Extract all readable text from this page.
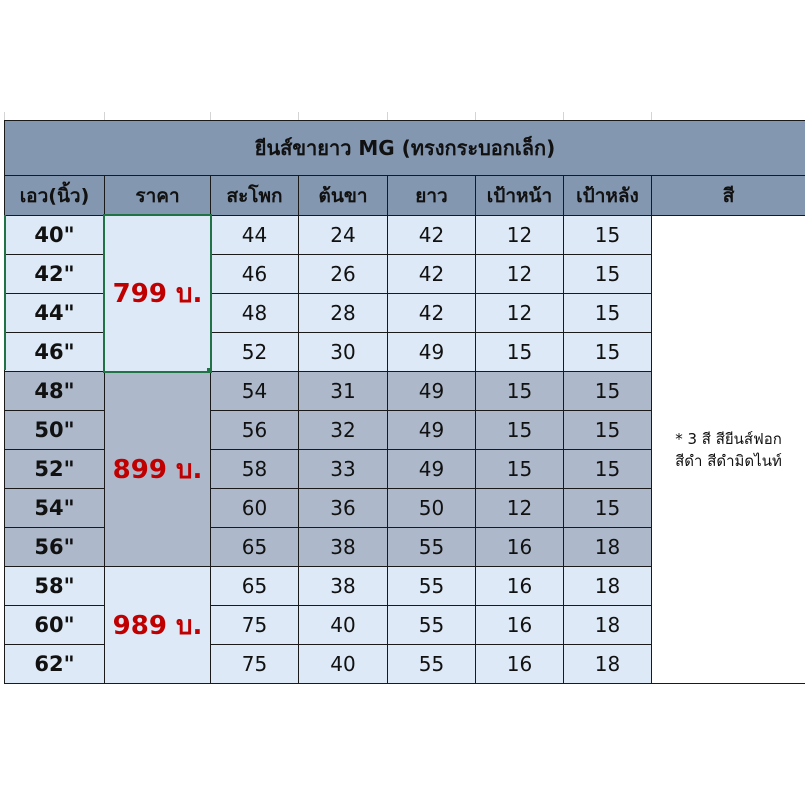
ยีนส์ขายาว MG (ทรงกระบอกเล็ก)							
เอว(นิ้ว)	ราคา	สะโพก	ต้นขา	ยาว	เป้าหน้า	เป้าหลัง	สี
40"	799 บ.	44	24	42	12	15	* 3 สี สียีนส์ฟอก
สีดำ สีดำมิดไนท์

42"		46	26	42	12	15	
44"		48	28	42	12	15	
46"		52	30	49	15	15	
48"	899 บ.	54	31	49	15	15	
50"		56	32	49	15	15	
52"		58	33	49	15	15	
54"		60	36	50	12	15	
56"		65	38	55	16	18	
58"	989 บ.	65	38	55	16	18	
60"		75	40	55	16	18	
62"		75	40	55	16	18	
